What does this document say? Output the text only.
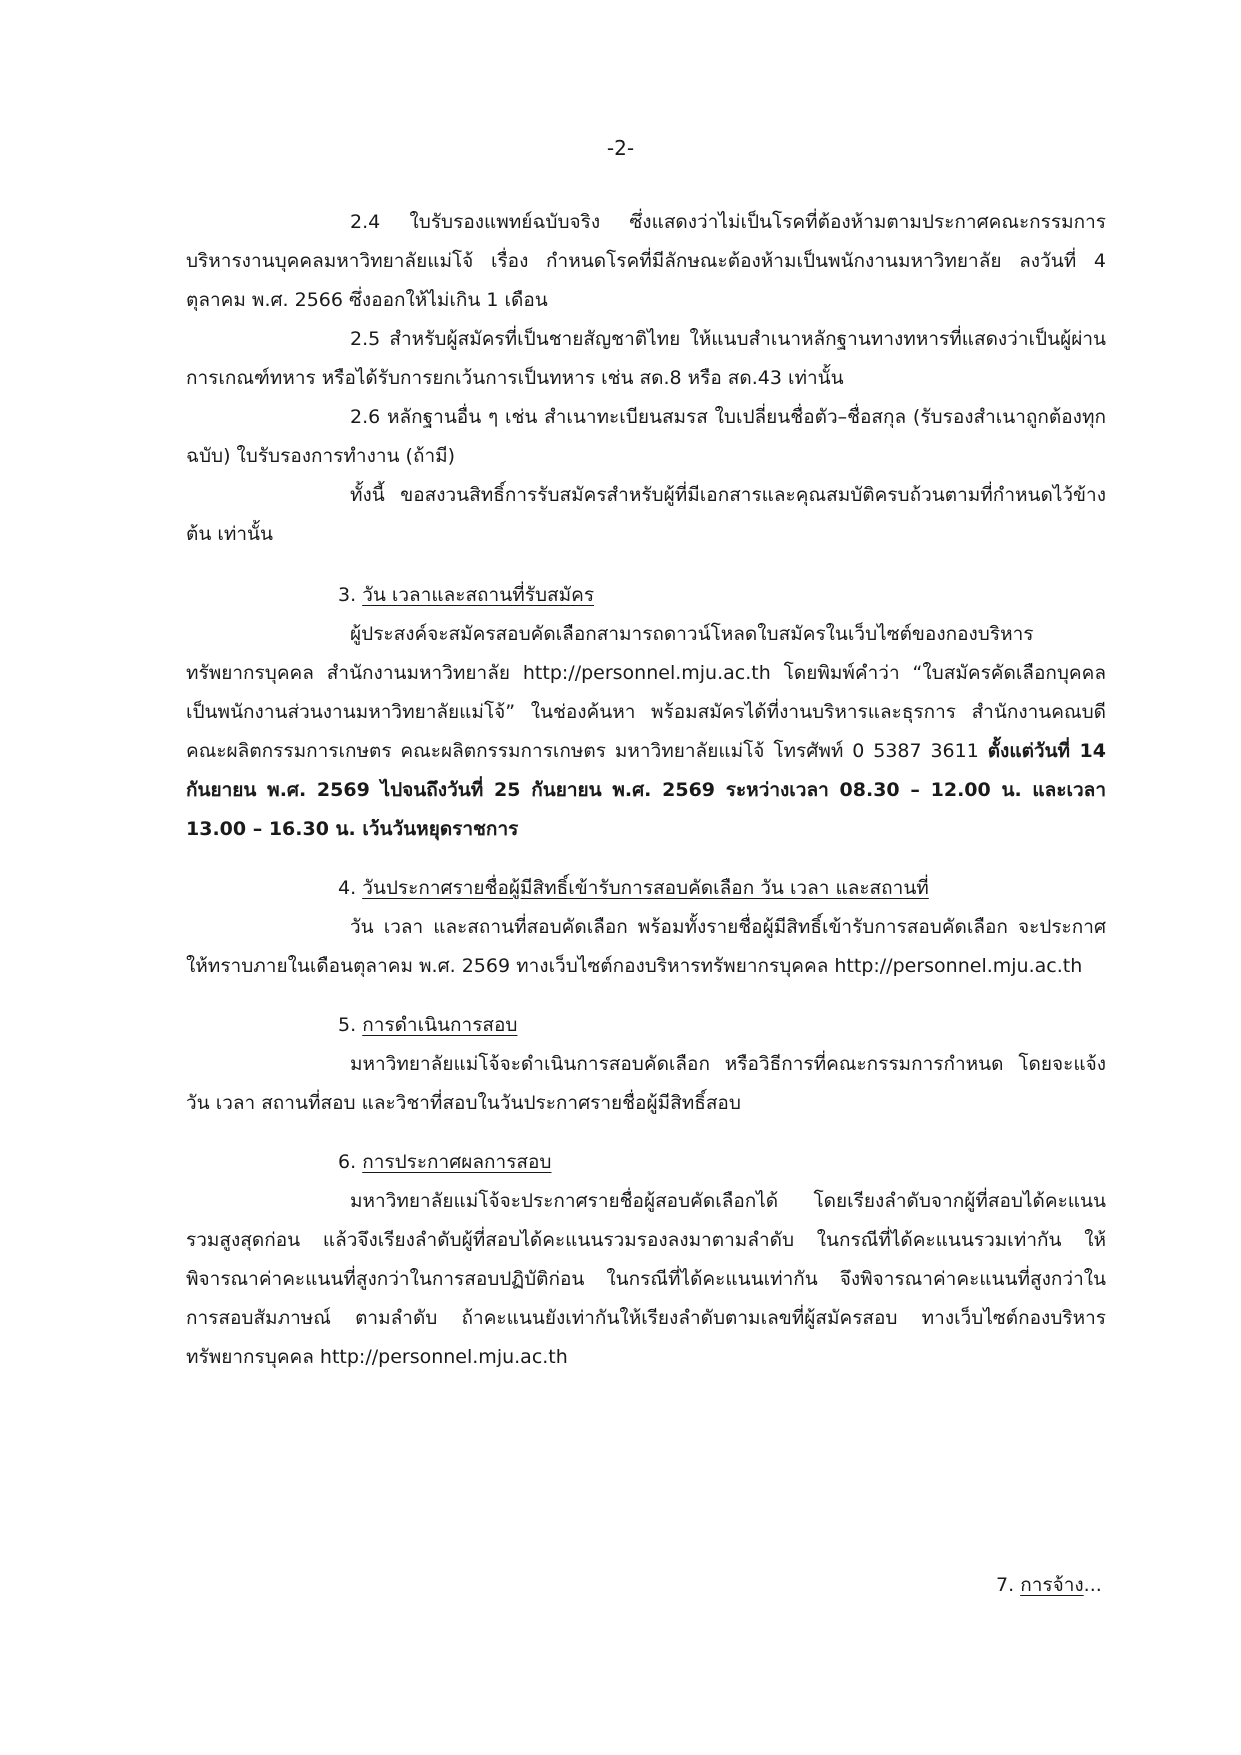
-2-

2.4 ใบรับรองแพทย์ฉบับจริง ซึ่งแสดงว่าไม่เป็นโรคที่ต้องห้ามตามประกาศคณะกรรมการบริหารงานบุคคลมหาวิทยาลัยแม่โจ้ เรื่อง กำหนดโรคที่มีลักษณะต้องห้ามเป็นพนักงานมหาวิทยาลัย ลงวันที่ 4 ตุลาคม พ.ศ. 2566 ซึ่งออกให้ไม่เกิน 1 เดือน

2.5 สำหรับผู้สมัครที่เป็นชายสัญชาติไทย ให้แนบสำเนาหลักฐานทางทหารที่แสดงว่าเป็นผู้ผ่านการเกณฑ์ทหาร หรือได้รับการยกเว้นการเป็นทหาร เช่น สด.8 หรือ สด.43 เท่านั้น

2.6 หลักฐานอื่น ๆ เช่น สำเนาทะเบียนสมรส ใบเปลี่ยนชื่อตัว–ชื่อสกุล (รับรองสำเนาถูกต้องทุกฉบับ) ใบรับรองการทำงาน (ถ้ามี)

ทั้งนี้ ขอสงวนสิทธิ์การรับสมัครสำหรับผู้ที่มีเอกสารและคุณสมบัติครบถ้วนตามที่กำหนดไว้ข้างต้น เท่านั้น

3. วัน เวลาและสถานที่รับสมัคร

ผู้ประสงค์จะสมัครสอบคัดเลือกสามารถดาวน์โหลดใบสมัครในเว็บไซต์ของกองบริหารทรัพยากรบุคคล สำนักงานมหาวิทยาลัย http://personnel.mju.ac.th โดยพิมพ์คำว่า “ใบสมัครคัดเลือกบุคคลเป็นพนักงานส่วนงานมหาวิทยาลัยแม่โจ้” ในช่องค้นหา พร้อมสมัครได้ที่งานบริหารและธุรการ สำนักงานคณบดีคณะผลิตกรรมการเกษตร คณะผลิตกรรมการเกษตร มหาวิทยาลัยแม่โจ้ โทรศัพท์ 0 5387 3611 ตั้งแต่วันที่ 14 กันยายน พ.ศ. 2569 ไปจนถึงวันที่ 25 กันยายน พ.ศ. 2569 ระหว่างเวลา 08.30 – 12.00 น. และเวลา 13.00 – 16.30 น. เว้นวันหยุดราชการ

4. วันประกาศรายชื่อผู้มีสิทธิ์เข้ารับการสอบคัดเลือก วัน เวลา และสถานที่

วัน เวลา และสถานที่สอบคัดเลือก พร้อมทั้งรายชื่อผู้มีสิทธิ์เข้ารับการสอบคัดเลือก จะประกาศให้ทราบภายในเดือนตุลาคม พ.ศ. 2569 ทางเว็บไซต์กองบริหารทรัพยากรบุคคล http://personnel.mju.ac.th

5. การดำเนินการสอบ

มหาวิทยาลัยแม่โจ้จะดำเนินการสอบคัดเลือก หรือวิธีการที่คณะกรรมการกำหนด โดยจะแจ้งวัน เวลา สถานที่สอบ และวิชาที่สอบในวันประกาศรายชื่อผู้มีสิทธิ์สอบ

6. การประกาศผลการสอบ

มหาวิทยาลัยแม่โจ้จะประกาศรายชื่อผู้สอบคัดเลือกได้ โดยเรียงลำดับจากผู้ที่สอบได้คะแนนรวมสูงสุดก่อน แล้วจึงเรียงลำดับผู้ที่สอบได้คะแนนรวมรองลงมาตามลำดับ ในกรณีที่ได้คะแนนรวมเท่ากัน ให้พิจารณาค่าคะแนนที่สูงกว่าในการสอบปฏิบัติก่อน ในกรณีที่ได้คะแนนเท่ากัน จึงพิจารณาค่าคะแนนที่สูงกว่าในการสอบสัมภาษณ์ ตามลำดับ ถ้าคะแนนยังเท่ากันให้เรียงลำดับตามเลขที่ผู้สมัครสอบ ทางเว็บไซต์กองบริหารทรัพยากรบุคคล http://personnel.mju.ac.th

7. การจ้าง...
